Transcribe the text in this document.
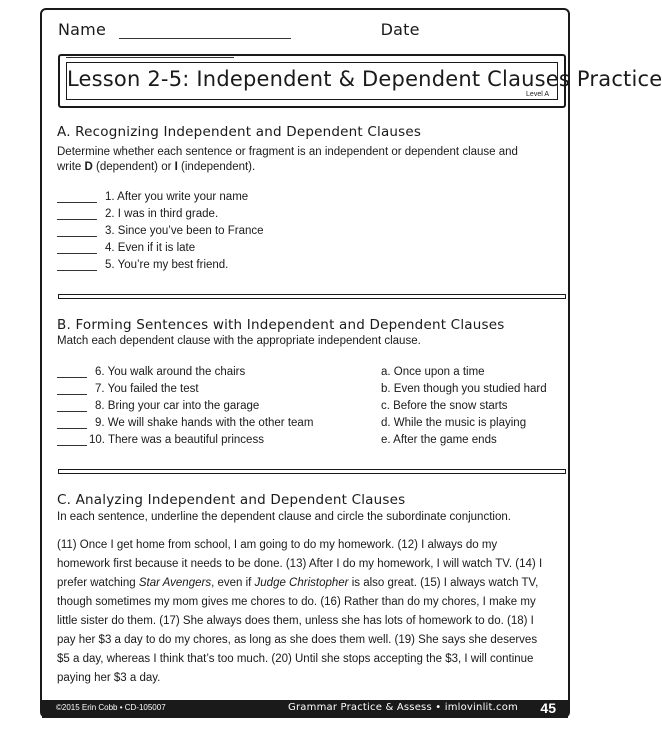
Name	Date
Lesson 2-5: Independent & Dependent Clauses Practice
Level A
A. Recognizing Independent and Dependent Clauses
Determine whether each sentence or fragment is an independent or dependent clause and
write D (dependent) or I (independent).
1. After you write your name
2. I was in third grade.
3. Since you’ve been to France
4. Even if it is late
5. You’re my best friend.
B. Forming Sentences with Independent and Dependent Clauses
Match each dependent clause with the appropriate independent clause.
6. You walk around the chairs
7. You failed the test
8. Bring your car into the garage
9. We will shake hands with the other team
10. There was a beautiful princess
a. Once upon a time
b. Even though you studied hard
c. Before the snow starts
d. While the music is playing
e. After the game ends
C. Analyzing Independent and Dependent Clauses
In each sentence, underline the dependent clause and circle the subordinate conjunction.
(11) Once I get home from school, I am going to do my homework. (12) I always do my homework first because it needs to be done. (13) After I do my homework, I will watch TV. (14) I prefer watching Star Avengers, even if Judge Christopher is also great. (15) I always watch TV, though sometimes my mom gives me chores to do. (16) Rather than do my chores, I make my little sister do them. (17) She always does them, unless she has lots of homework to do. (18) I pay her $3 a day to do my chores, as long as she does them well. (19) She says she deserves $5 a day, whereas I think that’s too much. (20) Until she stops accepting the $3, I will continue paying her $3 a day.
©2015 Erin Cobb • CD-105007	Grammar Practice & Assess • imlovinlit.com 45
